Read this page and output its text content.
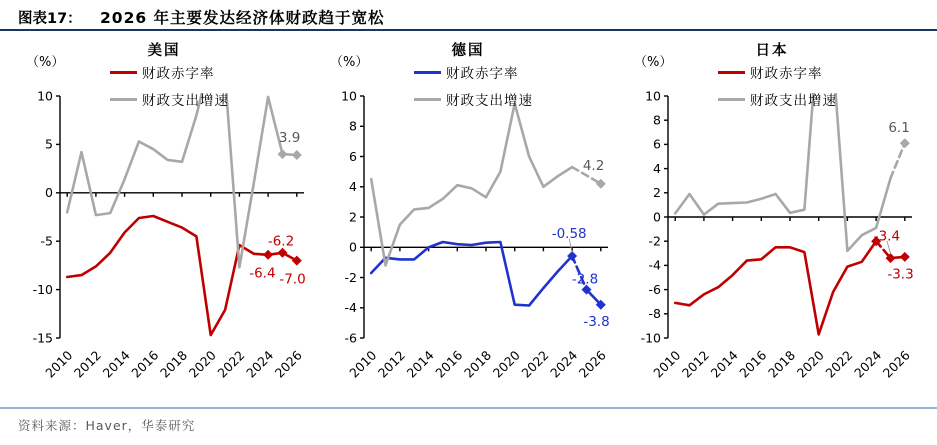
图表17： 2026 年主要发达经济体财政趋于宽松
10
5
0
-5
-10
-15
2010
2012
2014
2016
2018
2020
2022
2024
2026
3.9
-6.2
-6.4 -7.0
（%）
美国
财政赤字率
财政支出增速	10
8
6
4
2
0
-2
-4
-6
2010
2012
2014
2016
2018
2020
2022
2024
2026
4.2
-0.58
-2.8
-3.8
（%）
德国
财政赤字率
财政支出增速	10
8
6
4
2
0
-2
-4
-6
-8
-10
2010
2012
2014
2016
2018
2020
2022
2024
2026
6.1
-3.4
-3.3
（%）
日本
财政赤字率
财政支出增速
资料来源：Haver，华泰研究
